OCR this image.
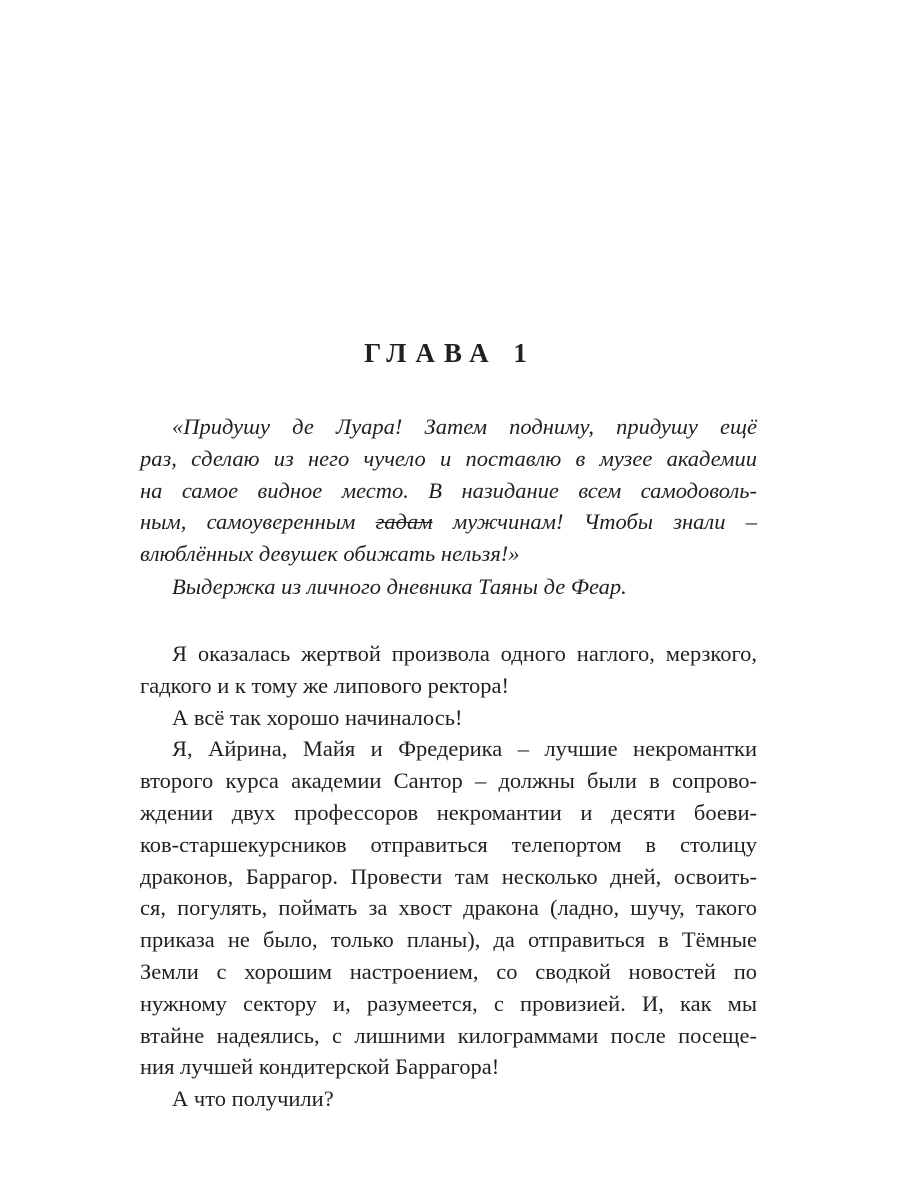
ГЛАВА 1
«Придушу де Луара! Затем подниму, придушу ещё
раз, сделаю из него чучело и поставлю в музее академии
на самое видное место. В назидание всем самодоволь-
ным, самоуверенным гадам мужчинам! Чтобы знали –
влюблённых девушек обижать нельзя!»
Выдержка из личного дневника Таяны де Феар.
Я оказалась жертвой произвола одного наглого, мерзкого,
гадкого и к тому же липового ректора!
А всё так хорошо начиналось!
Я, Айрина, Майя и Фредерика – лучшие некромантки
второго курса академии Сантор – должны были в сопрово-
ждении двух профессоров некромантии и десяти боеви-
ков-старшекурсников отправиться телепортом в столицу
драконов, Баррагор. Провести там несколько дней, освоить-
ся, погулять, поймать за хвост дракона (ладно, шучу, такого
приказа не было, только планы), да отправиться в Тёмные
Земли с хорошим настроением, со сводкой новостей по
нужному сектору и, разумеется, с провизией. И, как мы
втайне надеялись, с лишними килограммами после посеще-
ния лучшей кондитерской Баррагора!
А что получили?
